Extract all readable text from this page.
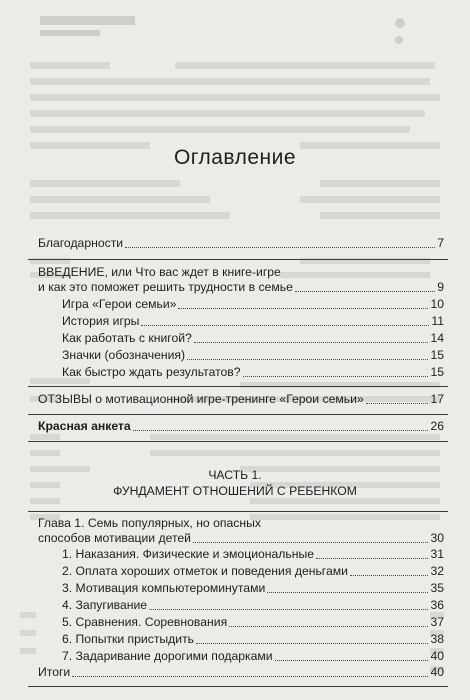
Оглавление
Благодарности	7
ВВЕДЕНИЕ, или Что вас ждет в книге-игре
и как это поможет решить трудности в семье	9
Игра «Герои семьи»	10
История игры	11
Как работать с книгой?	14
Значки (обозначения)	15
Как быстро ждать результатов?	15
ОТЗЫВЫ о мотивационной игре-тренинге «Герои семьи»	17
Красная анкета	26
ЧАСТЬ 1.
ФУНДАМЕНТ ОТНОШЕНИЙ С РЕБЕНКОМ
Глава 1. Семь популярных, но опасных
способов мотивации детей	30
1. Наказания. Физические и эмоциональные	31
2. Оплата хороших отметок и поведения деньгами	32
3. Мотивация компьютероминутами	35
4. Запугивание	36
5. Сравнения. Соревнования	37
6. Попытки пристыдить	38
7. Задаривание дорогими подарками	40
Итоги	40
